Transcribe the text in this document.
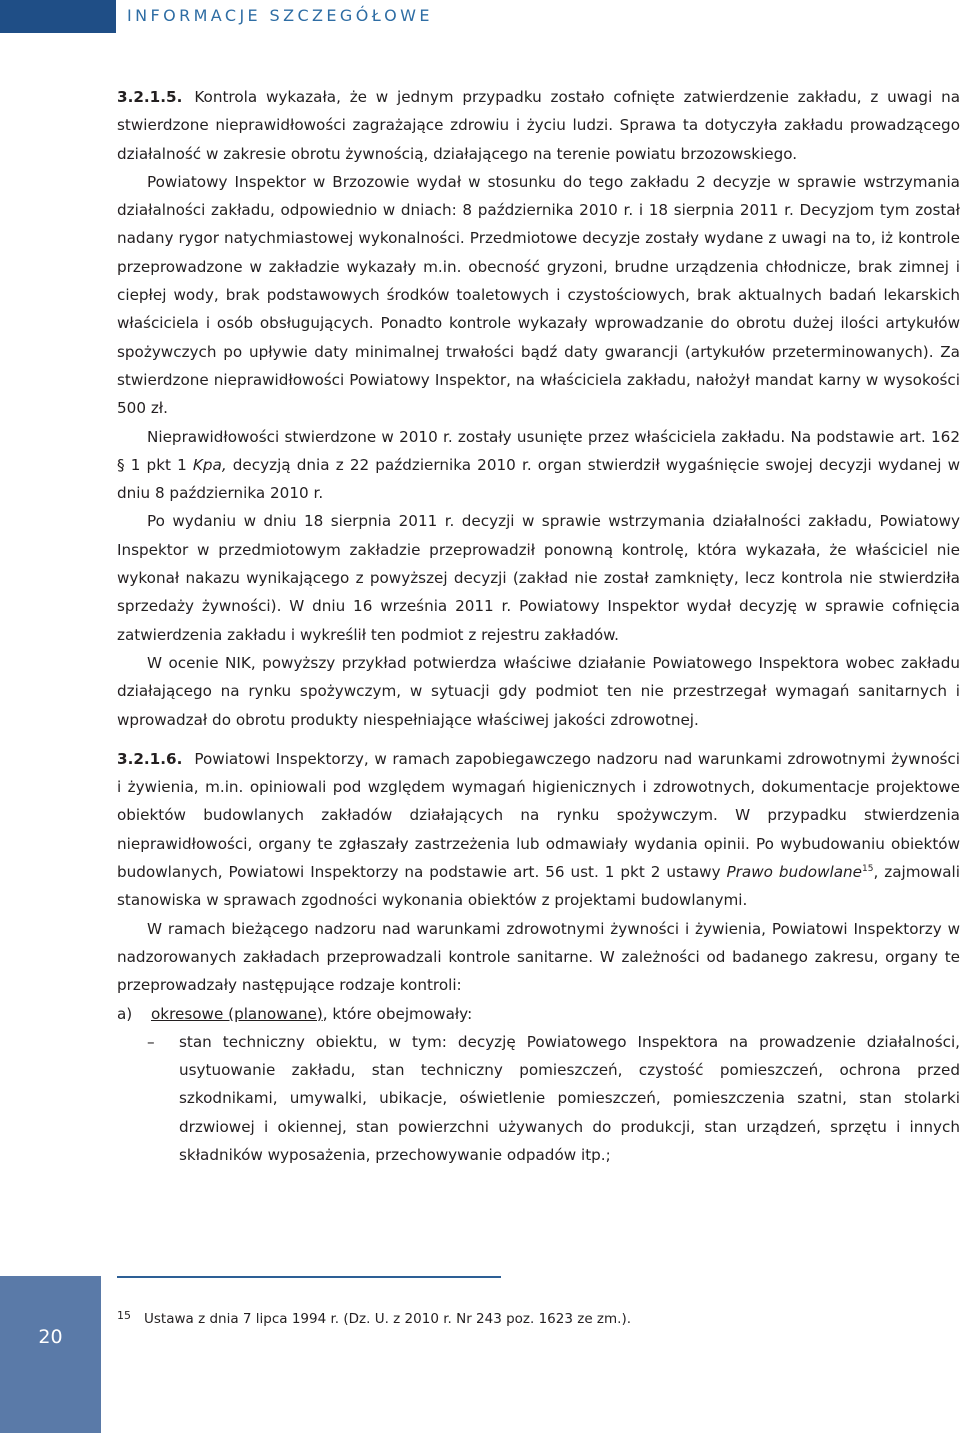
INFORMACJE SZCZEGÓŁOWE

3.2.1.5. Kontrola wykazała, że w jednym przypadku zostało cofnięte zatwierdzenie zakładu, z uwagi na stwierdzone nieprawidłowości zagrażające zdrowiu i życiu ludzi. Sprawa ta dotyczyła zakładu prowadzącego działalność w zakresie obrotu żywnością, działającego na terenie powiatu brzozowskiego.

Powiatowy Inspektor w Brzozowie wydał w stosunku do tego zakładu 2 decyzje w sprawie wstrzymania działalności zakładu, odpowiednio w dniach: 8 października 2010 r. i 18 sierpnia 2011 r. Decyzjom tym został nadany rygor natychmiastowej wykonalności. Przedmiotowe decyzje zostały wydane z uwagi na to, iż kontrole przeprowadzone w zakładzie wykazały m.in. obecność gryzoni, brudne urządzenia chłodnicze, brak zimnej i ciepłej wody, brak podstawowych środków toaletowych i czystościowych, brak aktualnych badań lekarskich właściciela i osób obsługujących. Ponadto kontrole wykazały wprowadzanie do obrotu dużej ilości artykułów spożywczych po upływie daty minimalnej trwałości bądź daty gwarancji (artykułów przeterminowanych). Za stwierdzone nieprawidłowości Powiatowy Inspektor, na właściciela zakładu, nałożył mandat karny w wysokości 500 zł.

Nieprawidłowości stwierdzone w 2010 r. zostały usunięte przez właściciela zakładu. Na podstawie art. 162 § 1 pkt 1 Kpa, decyzją dnia z 22 października 2010 r. organ stwierdził wygaśnięcie swojej decyzji wydanej w dniu 8 października 2010 r.

Po wydaniu w dniu 18 sierpnia 2011 r. decyzji w sprawie wstrzymania działalności zakładu, Powiatowy Inspektor w przedmiotowym zakładzie przeprowadził ponowną kontrolę, która wykazała, że właściciel nie wykonał nakazu wynikającego z powyższej decyzji (zakład nie został zamknięty, lecz kontrola nie stwierdziła sprzedaży żywności). W dniu 16 września 2011 r. Powiatowy Inspektor wydał decyzję w sprawie cofnięcia zatwierdzenia zakładu i wykreślił ten podmiot z rejestru zakładów.

W ocenie NIK, powyższy przykład potwierdza właściwe działanie Powiatowego Inspektora wobec zakładu działającego na rynku spożywczym, w sytuacji gdy podmiot ten nie przestrzegał wymagań sanitarnych i wprowadzał do obrotu produkty niespełniające właściwej jakości zdrowotnej.

3.2.1.6. Powiatowi Inspektorzy, w ramach zapobiegawczego nadzoru nad warunkami zdrowotnymi żywności i żywienia, m.in. opiniowali pod względem wymagań higienicznych i zdrowotnych, dokumentacje projektowe obiektów budowlanych zakładów działających na rynku spożywczym. W przypadku stwierdzenia nieprawidłowości, organy te zgłaszały zastrzeżenia lub odmawiały wydania opinii. Po wybudowaniu obiektów budowlanych, Powiatowi Inspektorzy na podstawie art. 56 ust. 1 pkt 2 ustawy Prawo budowlane$^{15}$, zajmowali stanowiska w sprawach zgodności wykonania obiektów z projektami budowlanymi.

W ramach bieżącego nadzoru nad warunkami zdrowotnymi żywności i żywienia, Powiatowi Inspektorzy w nadzorowanych zakładach przeprowadzali kontrole sanitarne. W zależności od badanego zakresu, organy te przeprowadzały następujące rodzaje kontroli:

a) okresowe (planowane), które obejmowały:

– stan techniczny obiektu, w tym: decyzję Powiatowego Inspektora na prowadzenie działalności, usytuowanie zakładu, stan techniczny pomieszczeń, czystość pomieszczeń, ochrona przed szkodnikami, umywalki, ubikacje, oświetlenie pomieszczeń, pomieszczenia szatni, stan stolarki drzwiowej i okiennej, stan powierzchni używanych do produkcji, stan urządzeń, sprzętu i innych składników wyposażenia, przechowywanie odpadów itp.;

20
15 Ustawa z dnia 7 lipca 1994 r. (Dz. U. z 2010 r. Nr 243 poz. 1623 ze zm.).
